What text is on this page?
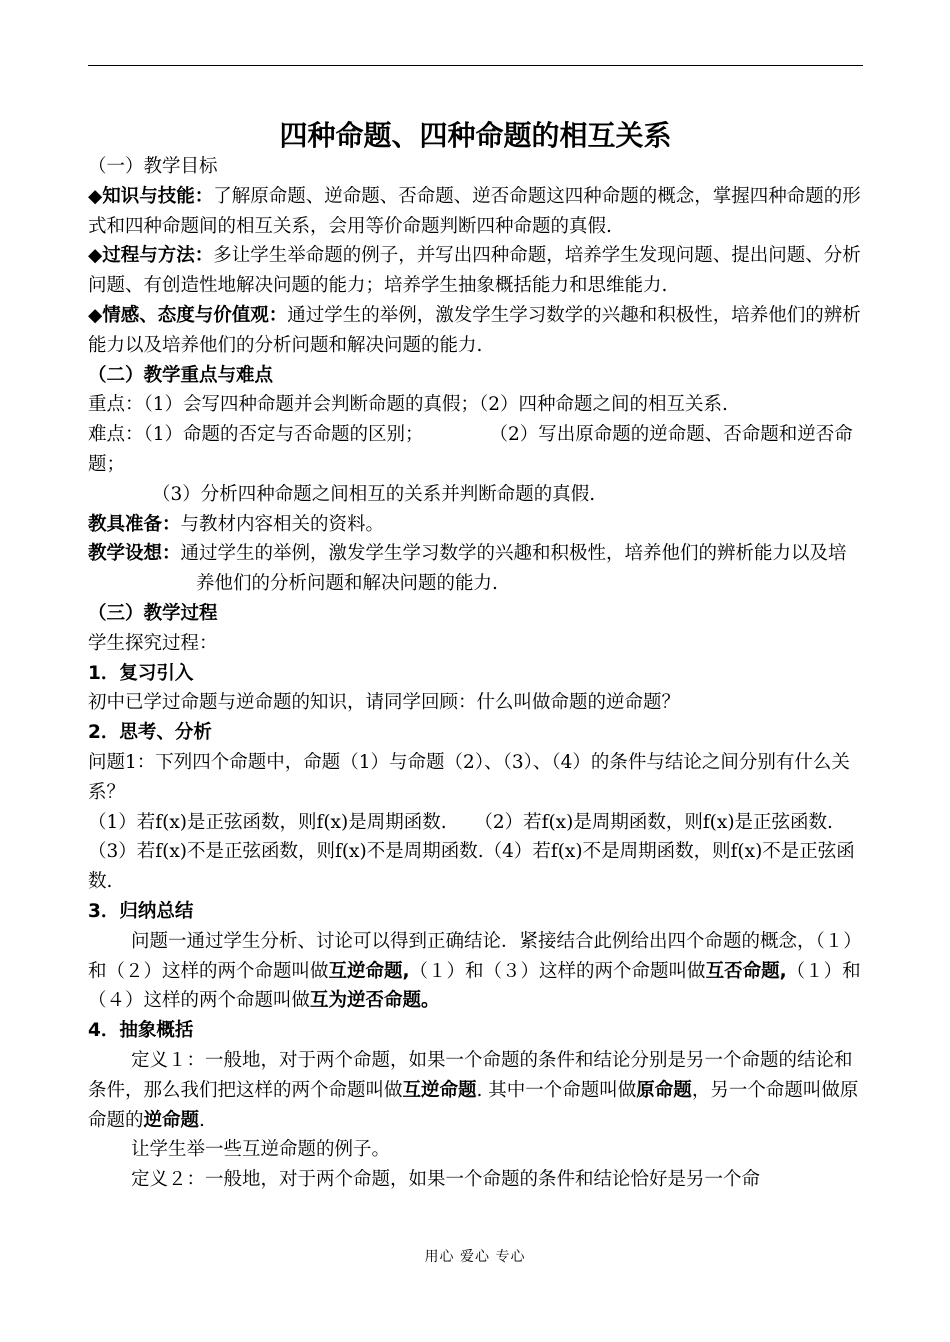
四种命题、四种命题的相互关系

（一）教学目标

◆知识与技能：了解原命题、逆命题、否命题、逆否命题这四种命题的概念，掌握四种命题的形式和四种命题间的相互关系，会用等价命题判断四种命题的真假.

◆过程与方法：多让学生举命题的例子，并写出四种命题，培养学生发现问题、提出问题、分析问题、有创造性地解决问题的能力；培养学生抽象概括能力和思维能力.

◆情感、态度与价值观：通过学生的举例，激发学生学习数学的兴趣和积极性，培养他们的辨析能力以及培养他们的分析问题和解决问题的能力.

（二）教学重点与难点

重点：（1）会写四种命题并会判断命题的真假；（2）四种命题之间的相互关系.

难点：（1）命题的否定与否命题的区别；	（2）写出原命题的逆命题、否命题和逆否命题；

（3）分析四种命题之间相互的关系并判断命题的真假.

教具准备：与教材内容相关的资料。

教学设想：通过学生的举例，激发学生学习数学的兴趣和积极性，培养他们的辨析能力以及培养他们的分析问题和解决问题的能力.

（三）教学过程

学生探究过程：

1．复习引入

初中已学过命题与逆命题的知识，请同学回顾：什么叫做命题的逆命题？

2．思考、分析

问题1：下列四个命题中，命题（1）与命题（2）、（3）、（4）的条件与结论之间分别有什么关系？

（1）若f(x)是正弦函数，则f(x)是周期函数.　　（2）若f(x)是周期函数，则f(x)是正弦函数.

（3）若f(x)不是正弦函数，则f(x)不是周期函数.（4）若f(x)不是周期函数，则f(x)不是正弦函数.

3．归纳总结

问题一通过学生分析、讨论可以得到正确结论．紧接结合此例给出四个命题的概念，（１）和（２）这样的两个命题叫做互逆命题,（１）和（３）这样的两个命题叫做互否命题,（１）和（４）这样的两个命题叫做互为逆否命题。

4．抽象概括

定义１：一般地，对于两个命题，如果一个命题的条件和结论分别是另一个命题的结论和条件，那么我们把这样的两个命题叫做互逆命题. 其中一个命题叫做原命题，另一个命题叫做原命题的逆命题.

让学生举一些互逆命题的例子。

定义２：一般地，对于两个命题，如果一个命题的条件和结论恰好是另一个命

用心 爱心 专心
